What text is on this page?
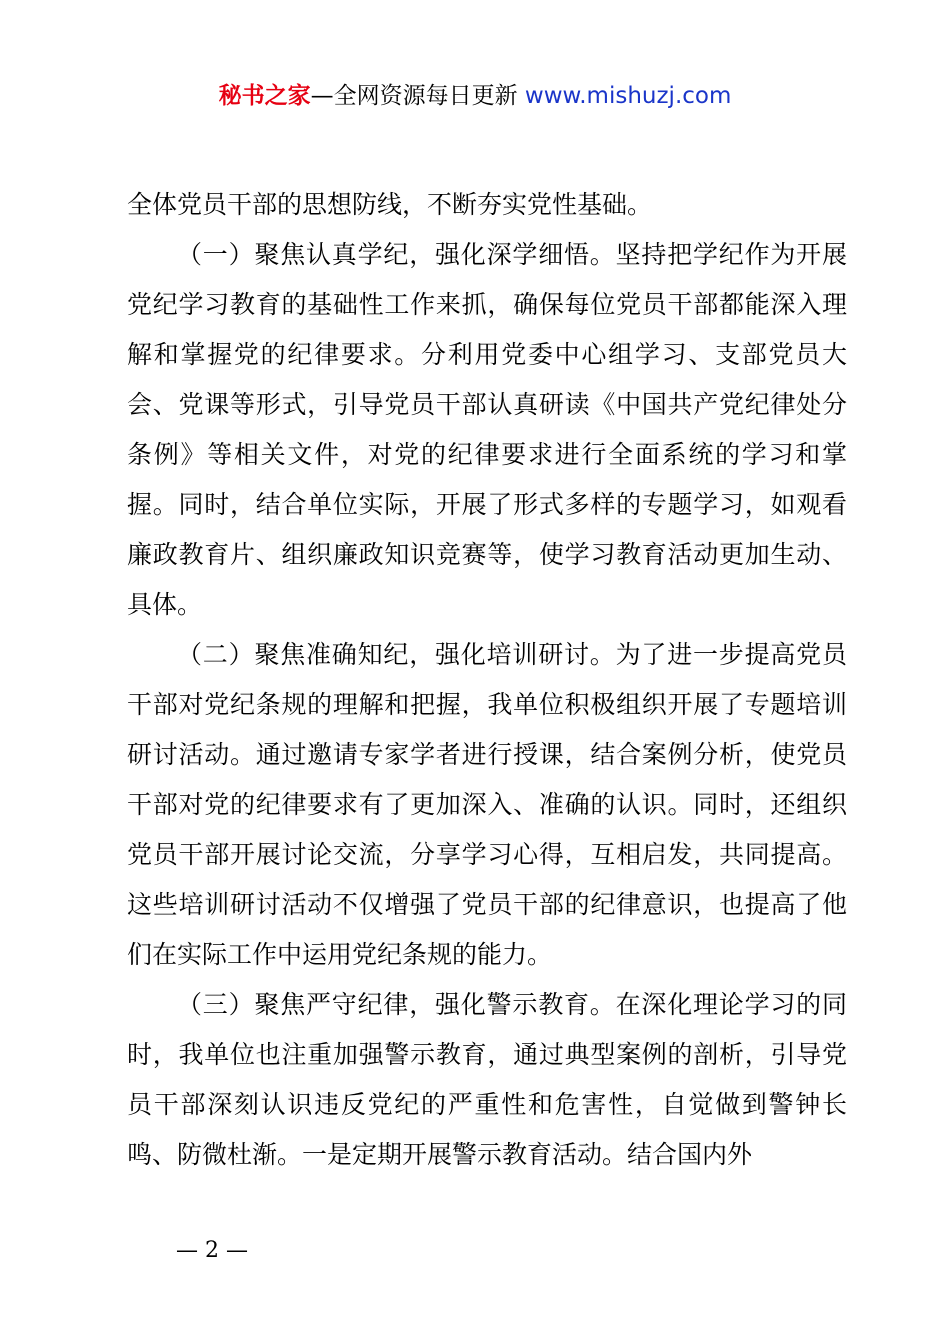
秘书之家—全网资源每日更新 www.mishuzj.com

全体党员干部的思想防线，不断夯实党性基础。

（一）聚焦认真学纪，强化深学细悟。坚持把学纪作为开展党纪学习教育的基础性工作来抓，确保每位党员干部都能深入理解和掌握党的纪律要求。分利用党委中心组学习、支部党员大会、党课等形式，引导党员干部认真研读《中国共产党纪律处分条例》等相关文件，对党的纪律要求进行全面系统的学习和掌握。同时，结合单位实际，开展了形式多样的专题学习，如观看廉政教育片、组织廉政知识竞赛等，使学习教育活动更加生动、具体。

（二）聚焦准确知纪，强化培训研讨。为了进一步提高党员干部对党纪条规的理解和把握，我单位积极组织开展了专题培训研讨活动。通过邀请专家学者进行授课，结合案例分析，使党员干部对党的纪律要求有了更加深入、准确的认识。同时，还组织党员干部开展讨论交流，分享学习心得，互相启发，共同提高。这些培训研讨活动不仅增强了党员干部的纪律意识，也提高了他们在实际工作中运用党纪条规的能力。

（三）聚焦严守纪律，强化警示教育。在深化理论学习的同时，我单位也注重加强警示教育，通过典型案例的剖析，引导党员干部深刻认识违反党纪的严重性和危害性，自觉做到警钟长鸣、防微杜渐。一是定期开展警示教育活动。结合国内外

— 2 —
